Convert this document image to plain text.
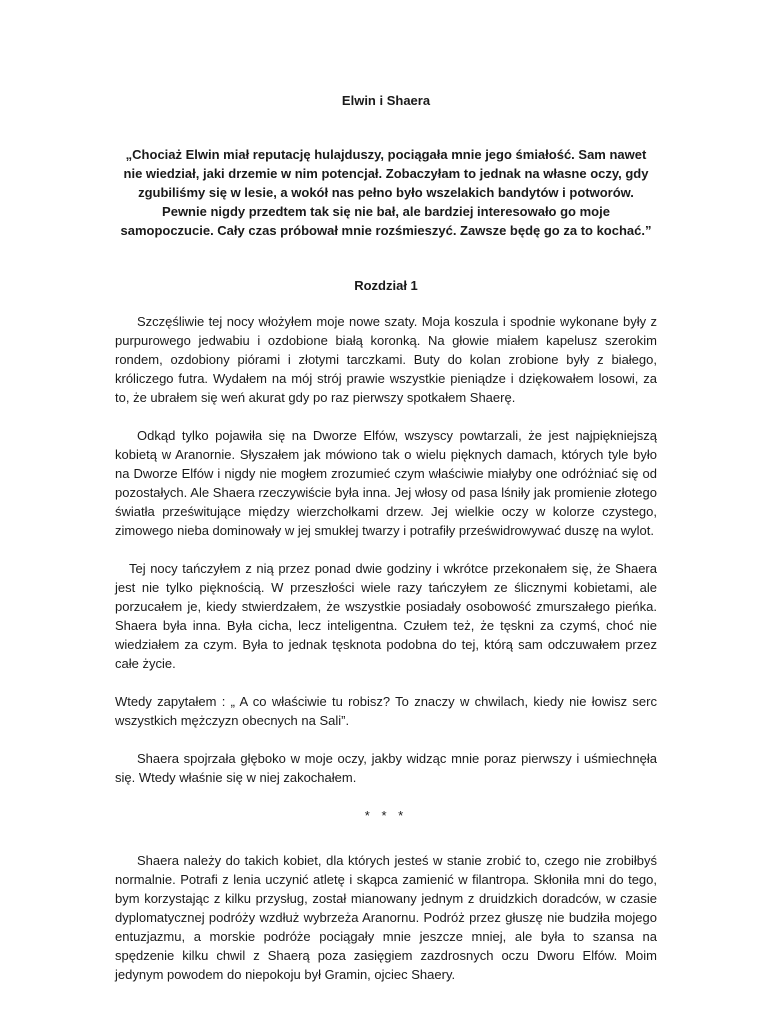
Elwin i Shaera
„Chociaż Elwin miał reputację hulajduszy, pociągała mnie jego śmiałość. Sam nawet nie wiedział, jaki drzemie w nim potencjał. Zobaczyłam to jednak na własne oczy, gdy zgubiliśmy się w lesie, a wokół nas pełno było wszelakich bandytów i potworów. Pewnie nigdy przedtem tak się nie bał, ale bardziej interesowało go moje samopoczucie. Cały czas próbował mnie rozśmieszyć. Zawsze będę go za to kochać.”
Rozdział 1

Szczęśliwie tej nocy włożyłem moje nowe szaty. Moja koszula i spodnie wykonane były z purpurowego jedwabiu i ozdobione białą koronką. Na głowie miałem kapelusz szerokim rondem, ozdobiony piórami i złotymi tarczkami. Buty do kolan zrobione były z białego, króliczego futra. Wydałem na mój strój prawie wszystkie pieniądze i dziękowałem losowi, za to, że ubrałem się weń akurat gdy po raz pierwszy spotkałem Shaerę.

Odkąd tylko pojawiła się na Dworze Elfów, wszyscy powtarzali, że jest najpiękniejszą kobietą w Aranornie. Słyszałem jak mówiono tak o wielu pięknych damach, których tyle było na Dworze Elfów i nigdy nie mogłem zrozumieć czym właściwie miałyby one odróżniać się od pozostałych. Ale Shaera rzeczywiście była inna. Jej włosy od pasa lśniły jak promienie złotego światła prześwitujące między wierzchołkami drzew. Jej wielkie oczy w kolorze czystego, zimowego nieba dominowały w jej smukłej twarzy i potrafiły prześwidrowywać duszę na wylot.

Tej nocy tańczyłem z nią przez ponad dwie godziny i wkrótce przekonałem się, że Shaera jest nie tylko pięknością. W przeszłości wiele razy tańczyłem ze ślicznymi kobietami, ale porzucałem je, kiedy stwierdzałem, że wszystkie posiadały osobowość zmurszałego pieńka. Shaera była inna. Była cicha, lecz inteligentna. Czułem też, że tęskni za czymś, choć nie wiedziałem za czym. Była to jednak tęsknota podobna do tej, którą sam odczuwałem przez całe życie.

Wtedy zapytałem : „ A co właściwie tu robisz? To znaczy w chwilach, kiedy nie łowisz serc wszystkich mężczyzn obecnych na Sali”.

Shaera spojrzała głęboko w moje oczy, jakby widząc mnie poraz pierwszy i uśmiechnęła się. Wtedy właśnie się w niej zakochałem.

* * *

Shaera należy do takich kobiet, dla których jesteś w stanie zrobić to, czego nie zrobiłbyś normalnie. Potrafi z lenia uczynić atletę i skąpca zamienić w filantropa. Skłoniła mni do tego, bym korzystając z kilku przysług, został mianowany jednym z druidzkich doradców, w czasie dyplomatycznej podróży wzdłuż wybrzeża Aranornu. Podróż przez głuszę nie budziła mojego entuzjazmu, a morskie podróże pociągały mnie jeszcze mniej, ale była to szansa na spędzenie kilku chwil z Shaerą poza zasięgiem zazdrosnych oczu Dworu Elfów. Moim jedynym powodem do niepokoju był Gramin, ojciec Shaery.
